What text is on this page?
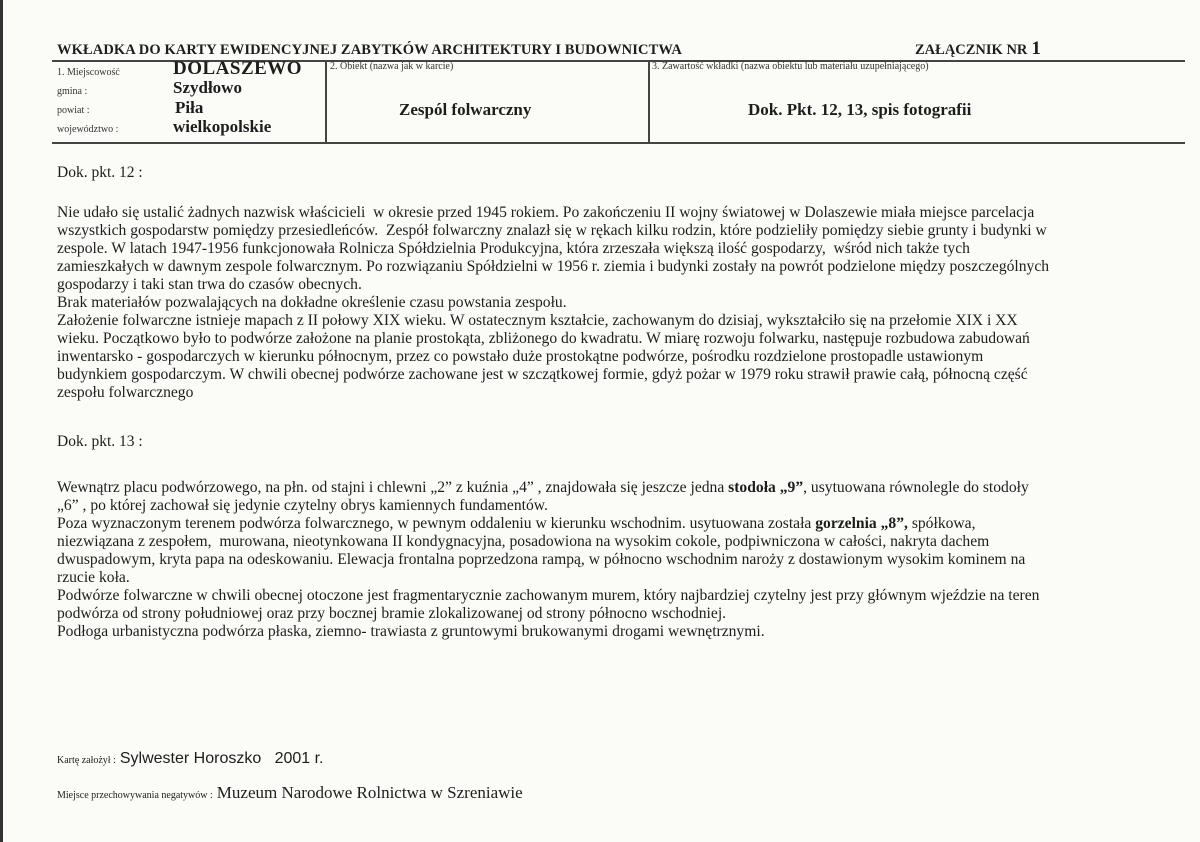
WKŁADKA DO KARTY EWIDENCYJNEJ ZABYTKÓW ARCHITEKTURY I BUDOWNICTWA	ZAŁĄCZNIK NR 1
1. Miejscowość	DOLASZEWO
gmina :	Szydłowo
powiat :	Piła
województwo :	wielkopolskie
2. Obiekt (nazwa jak w karcie)
Zespól folwarczny
3. Zawartość wkładki (nazwa obiektu lub materiału uzupełniającego)
Dok. Pkt. 12, 13, spis fotografii
Dok. pkt. 12 :
Nie udało się ustalić żadnych nazwisk właścicieli  w okresie przed 1945 rokiem. Po zakończeniu II wojny światowej w Dolaszewie miała miejsce parcelacja
wszystkich gospodarstw pomiędzy przesiedleńców.  Zespół folwarczny znalazł się w rękach kilku rodzin, które podzieliły pomiędzy siebie grunty i budynki w
zespole. W latach 1947-1956 funkcjonowała Rolnicza Spółdzielnia Produkcyjna, która zrzeszała większą ilość gospodarzy,  wśród nich także tych
zamieszkałych w dawnym zespole folwarcznym. Po rozwiązaniu Spółdzielni w 1956 r. ziemia i budynki zostały na powrót podzielone między poszczególnych
gospodarzy i taki stan trwa do czasów obecnych.
Brak materiałów pozwalających na dokładne określenie czasu powstania zespołu.
Założenie folwarczne istnieje mapach z II połowy XIX wieku. W ostatecznym kształcie, zachowanym do dzisiaj, wykształciło się na przełomie XIX i XX
wieku. Początkowo było to podwórze założone na planie prostokąta, zbliżonego do kwadratu. W miarę rozwoju folwarku, następuje rozbudowa zabudowań
inwentarsko - gospodarczych w kierunku północnym, przez co powstało duże prostokątne podwórze, pośrodku rozdzielone prostopadle ustawionym
budynkiem gospodarczym. W chwili obecnej podwórze zachowane jest w szczątkowej formie, gdyż pożar w 1979 roku strawił prawie całą, północną część
zespołu folwarcznego
Dok. pkt. 13 :
Wewnątrz placu podwórzowego, na płn. od stajni i chlewni „2” z kuźnia „4” , znajdowała się jeszcze jedna stodoła „9”, usytuowana równolegle do stodoły
„6” , po której zachował się jedynie czytelny obrys kamiennych fundamentów.
Poza wyznaczonym terenem podwórza folwarcznego, w pewnym oddaleniu w kierunku wschodnim. usytuowana została gorzelnia „8”, spółkowa,
niezwiązana z zespołem,  murowana, nieotynkowana II kondygnacyjna, posadowiona na wysokim cokole, podpiwniczona w całości, nakryta dachem
dwuspadowym, kryta papa na odeskowaniu. Elewacja frontalna poprzedzona rampą, w północno wschodnim naroży z dostawionym wysokim kominem na
rzucie koła.
Podwórze folwarczne w chwili obecnej otoczone jest fragmentarycznie zachowanym murem, który najbardziej czytelny jest przy głównym wjeździe na teren
podwórza od strony południowej oraz przy bocznej bramie zlokalizowanej od strony północno wschodniej.
Podłoga urbanistyczna podwórza płaska, ziemno- trawiasta z gruntowymi brukowanymi drogami wewnętrznymi.
Kartę założył : Sylwester Horoszko   2001 r.
Miejsce przechowywania negatywów : Muzeum Narodowe Rolnictwa w Szreniawie
